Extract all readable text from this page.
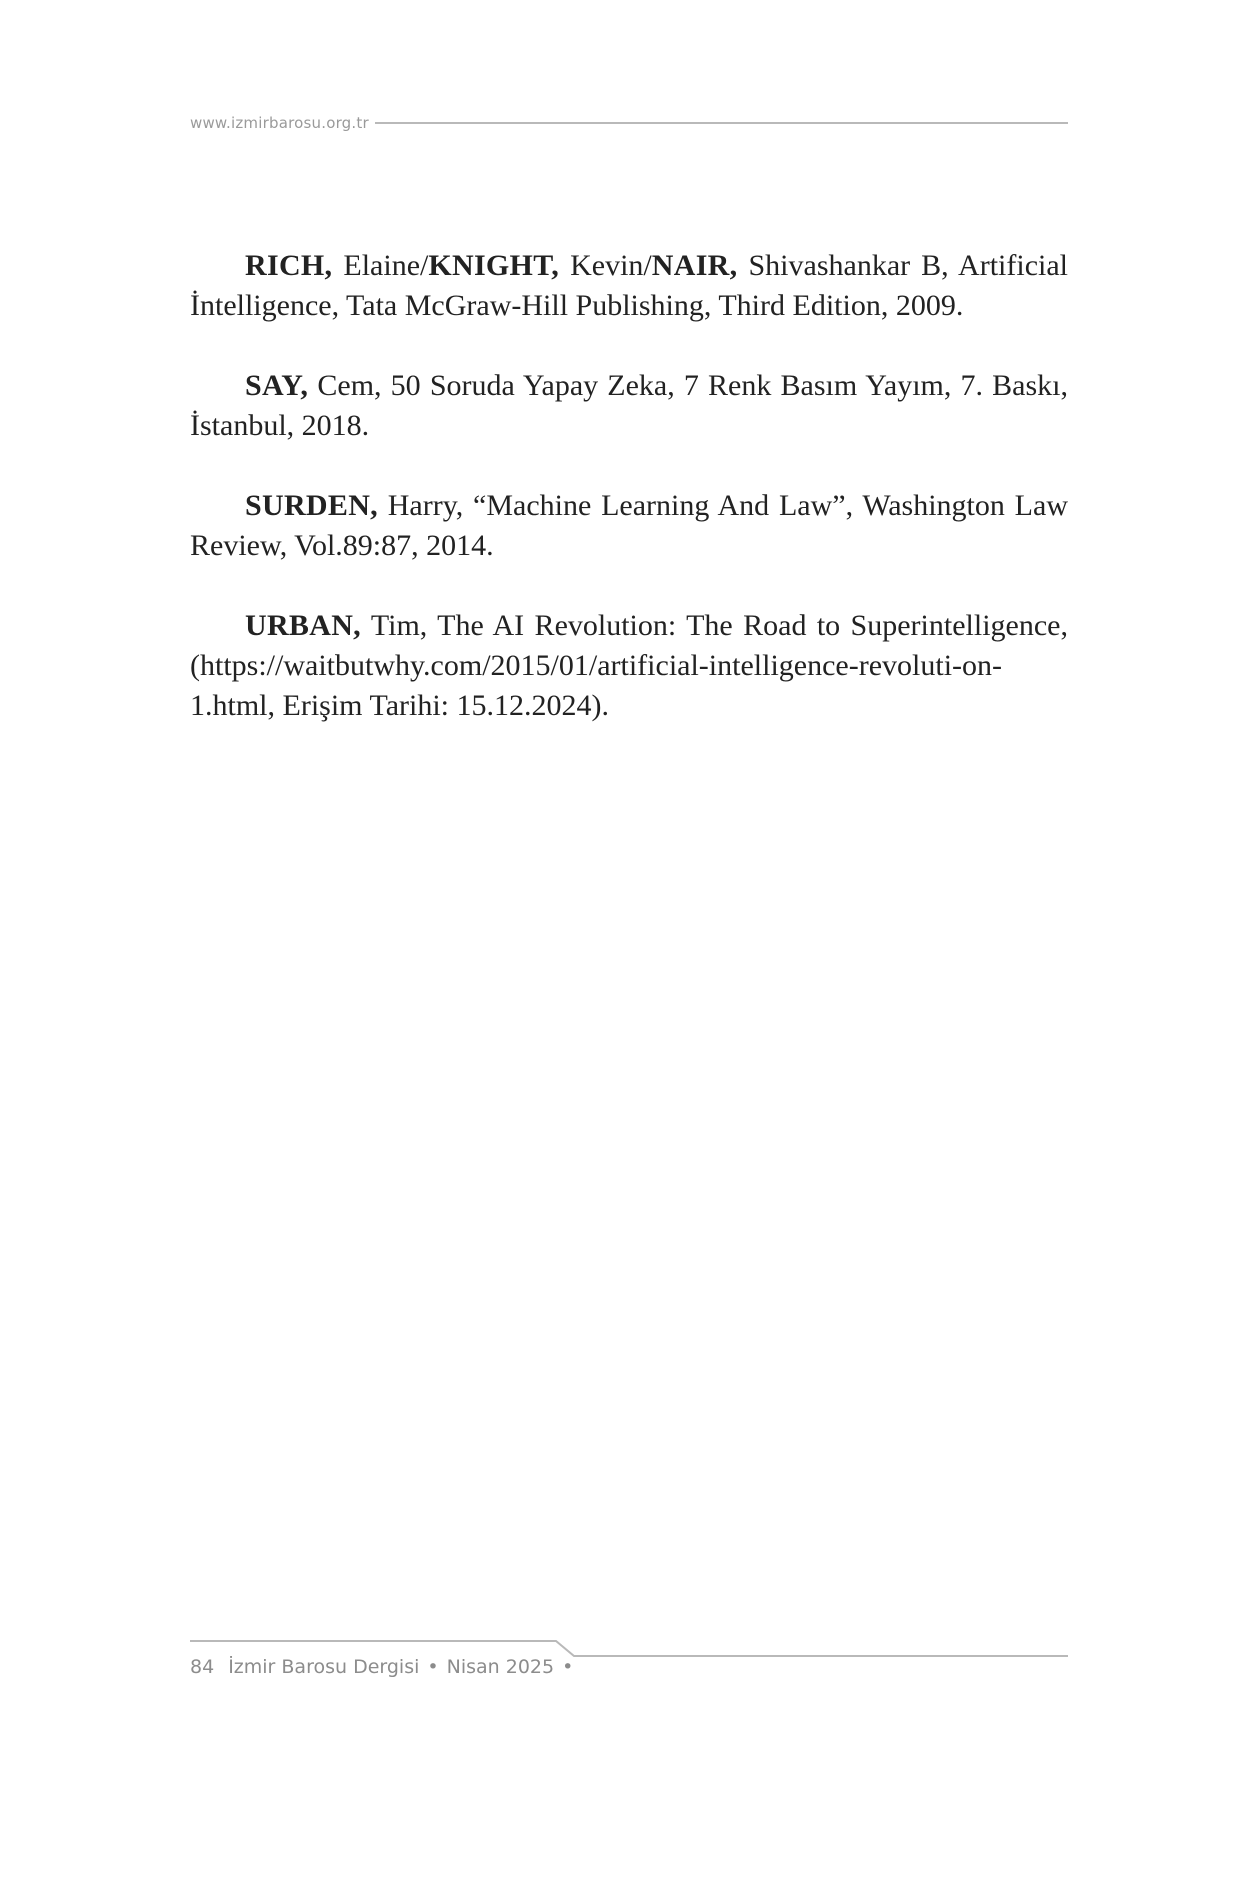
www.izmirbarosu.org.tr

RICH, Elaine/KNIGHT, Kevin/NAIR, Shivashankar B, Artificial İntelligence, Tata McGraw-Hill Publishing, Third Edition, 2009.

SAY, Cem, 50 Soruda Yapay Zeka, 7 Renk Basım Yayım, 7. Baskı, İstanbul, 2018.

SURDEN, Harry, “Machine Learning And Law”, Washington Law Review, Vol.89:87, 2014.

URBAN, Tim, The AI Revolution: The Road to Superintelligence, (https://waitbutwhy.com/2015/01/artificial-intelligence-revoluti-on-1.html, Erişim Tarihi: 15.12.2024).

84 İzmir Barosu Dergisi • Nisan 2025 •
